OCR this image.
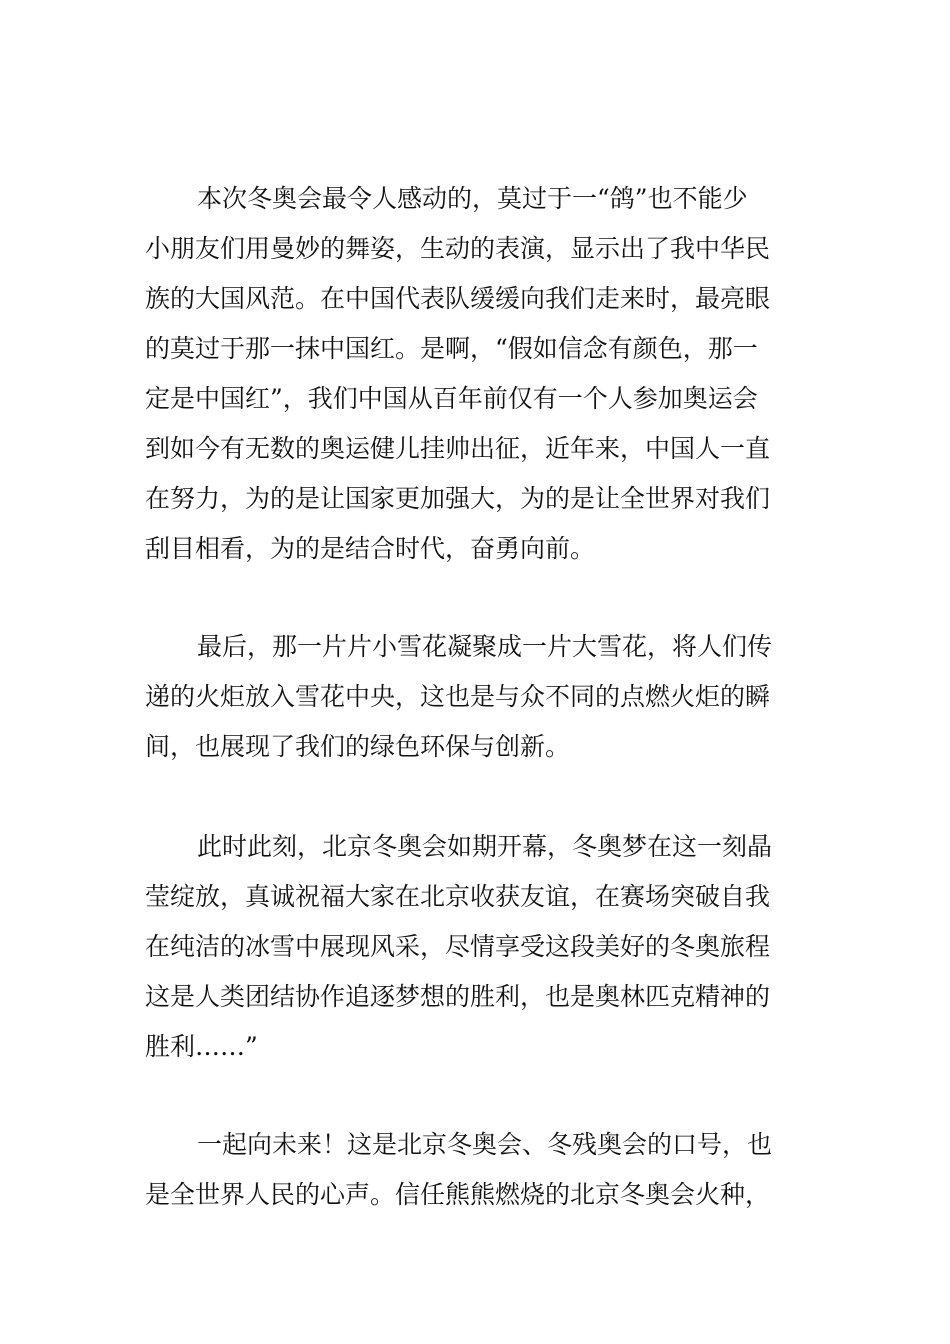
本次冬奥会最令人感动的，莫过于一“鸽”也不能少
小朋友们用曼妙的舞姿，生动的表演，显示出了我中华民
族的大国风范。在中国代表队缓缓向我们走来时，最亮眼
的莫过于那一抹中国红。是啊，“假如信念有颜色，那一
定是中国红”，我们中国从百年前仅有一个人参加奥运会
到如今有无数的奥运健儿挂帅出征，近年来，中国人一直
在努力，为的是让国家更加强大，为的是让全世界对我们
刮目相看，为的是结合时代，奋勇向前。
最后，那一片片小雪花凝聚成一片大雪花，将人们传
递的火炬放入雪花中央，这也是与众不同的点燃火炬的瞬
间，也展现了我们的绿色环保与创新。
此时此刻，北京冬奥会如期开幕，冬奥梦在这一刻晶
莹绽放，真诚祝福大家在北京收获友谊，在赛场突破自我
在纯洁的冰雪中展现风采，尽情享受这段美好的冬奥旅程
这是人类团结协作追逐梦想的胜利，也是奥林匹克精神的
胜利……”
一起向未来！这是北京冬奥会、冬残奥会的口号，也
是全世界人民的心声。信任熊熊燃烧的北京冬奥会火种，
